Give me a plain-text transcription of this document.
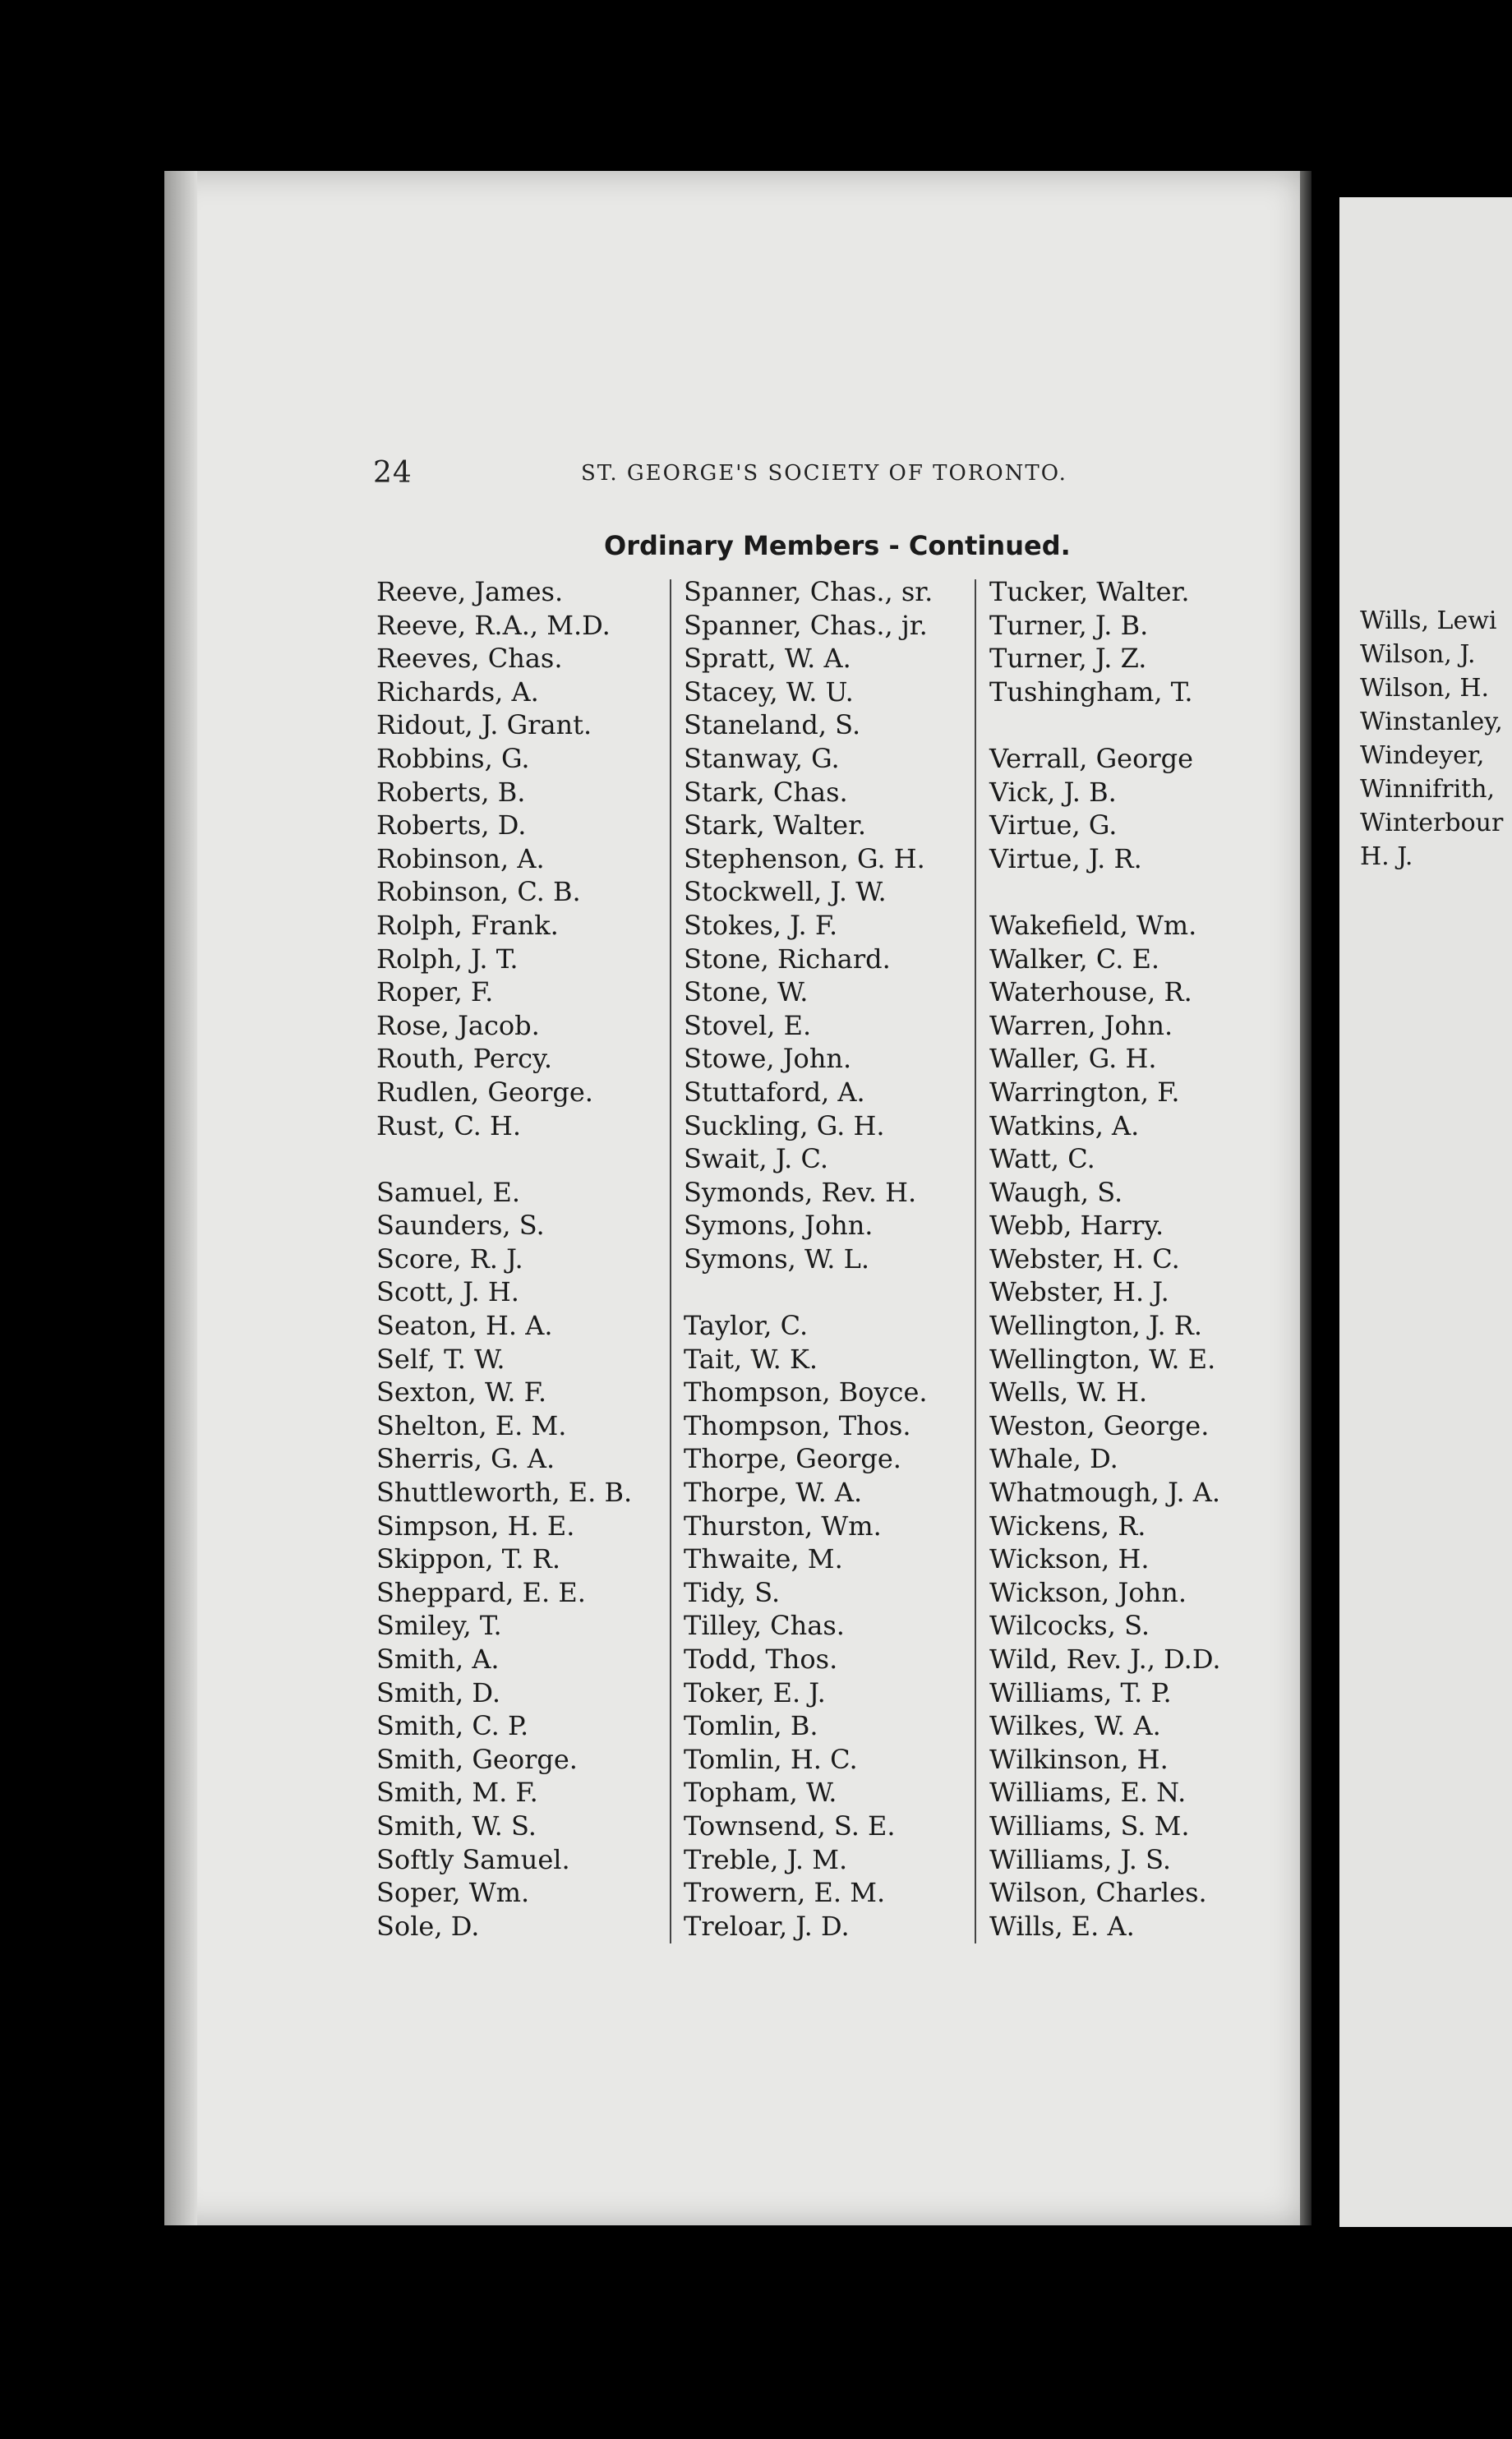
24	ST. GEORGE'S SOCIETY OF TORONTO.
Ordinary Members - Continued.
Reeve, James.
Reeve, R.A., M.D.
Reeves, Chas.
Richards, A.
Ridout, J. Grant.
Robbins, G.
Roberts, B.
Roberts, D.
Robinson, A.
Robinson, C. B.
Rolph, Frank.
Rolph, J. T.
Roper, F.
Rose, Jacob.
Routh, Percy.
Rudlen, George.
Rust, C. H.
Samuel, E.
Saunders, S.
Score, R. J.
Scott, J. H.
Seaton, H. A.
Self, T. W.
Sexton, W. F.
Shelton, E. M.
Sherris, G. A.
Shuttleworth, E. B.
Simpson, H. E.
Skippon, T. R.
Sheppard, E. E.
Smiley, T.
Smith, A.
Smith, D.
Smith, C. P.
Smith, George.
Smith, M. F.
Smith, W. S.
Softly Samuel.
Soper, Wm.
Sole, D.
Spanner, Chas., sr.
Spanner, Chas., jr.
Spratt, W. A.
Stacey, W. U.
Staneland, S.
Stanway, G.
Stark, Chas.
Stark, Walter.
Stephenson, G. H.
Stockwell, J. W.
Stokes, J. F.
Stone, Richard.
Stone, W.
Stovel, E.
Stowe, John.
Stuttaford, A.
Suckling, G. H.
Swait, J. C.
Symonds, Rev. H.
Symons, John.
Symons, W. L.
Taylor, C.
Tait, W. K.
Thompson, Boyce.
Thompson, Thos.
Thorpe, George.
Thorpe, W. A.
Thurston, Wm.
Thwaite, M.
Tidy, S.
Tilley, Chas.
Todd, Thos.
Toker, E. J.
Tomlin, B.
Tomlin, H. C.
Topham, W.
Townsend, S. E.
Treble, J. M.
Trowern, E. M.
Treloar, J. D.
Tucker, Walter.
Turner, J. B.
Turner, J. Z.
Tushingham, T.
Verrall, George
Vick, J. B.
Virtue, G.
Virtue, J. R.
Wakefield, Wm.
Walker, C. E.
Waterhouse, R.
Warren, John.
Waller, G. H.
Warrington, F.
Watkins, A.
Watt, C.
Waugh, S.
Webb, Harry.
Webster, H. C.
Webster, H. J.
Wellington, J. R.
Wellington, W. E.
Wells, W. H.
Weston, George.
Whale, D.
Whatmough, J. A.
Wickens, R.
Wickson, H.
Wickson, John.
Wilcocks, S.
Wild, Rev. J., D.D.
Williams, T. P.
Wilkes, W. A.
Wilkinson, H.
Williams, E. N.
Williams, S. M.
Williams, J. S.
Wilson, Charles.
Wills, E. A.
Wills, Lewi
Wilson, J.
Wilson, H.
Winstanley,
Windeyer,
Winnifrith,
Winterbour
H. J.
